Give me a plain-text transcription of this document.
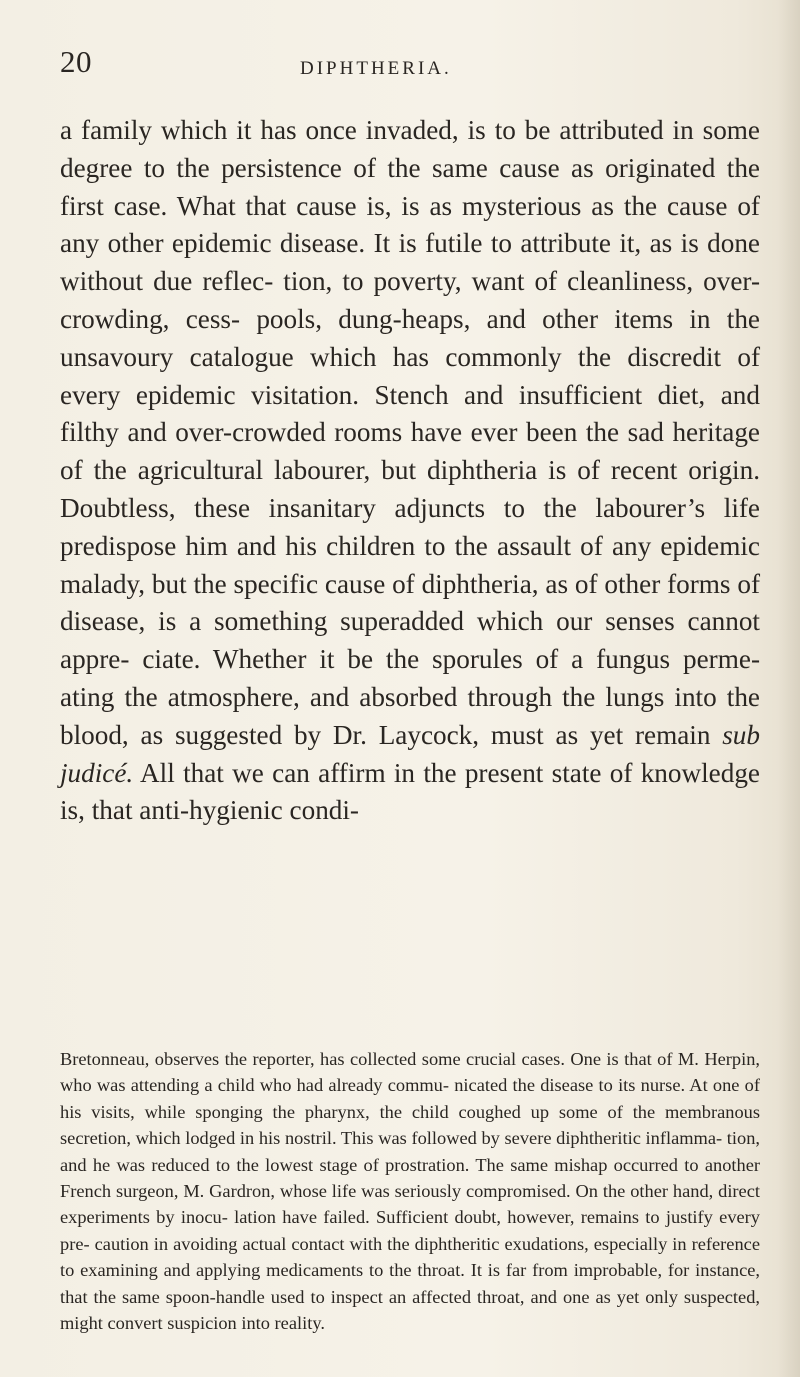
20	DIPHTHERIA.

a family which it has once invaded, is to be attributed in some degree to the persistence of the same cause as originated the first case. What that cause is, is as mysterious as the cause of any other epidemic disease. It is futile to attribute it, as is done without due reflec- tion, to poverty, want of cleanliness, over-crowding, cess- pools, dung-heaps, and other items in the unsavoury catalogue which has commonly the discredit of every epidemic visitation. Stench and insufficient diet, and filthy and over-crowded rooms have ever been the sad heritage of the agricultural labourer, but diphtheria is of recent origin. Doubtless, these insanitary adjuncts to the labourer’s life predispose him and his children to the assault of any epidemic malady, but the specific cause of diphtheria, as of other forms of disease, is a something superadded which our senses cannot appre- ciate. Whether it be the sporules of a fungus perme- ating the atmosphere, and absorbed through the lungs into the blood, as suggested by Dr. Laycock, must as yet remain sub judicé. All that we can affirm in the present state of knowledge is, that anti-hygienic condi-

Bretonneau, observes the reporter, has collected some crucial cases. One is that of M. Herpin, who was attending a child who had already commu- nicated the disease to its nurse. At one of his visits, while sponging the pharynx, the child coughed up some of the membranous secretion, which lodged in his nostril. This was followed by severe diphtheritic inflamma- tion, and he was reduced to the lowest stage of prostration. The same mishap occurred to another French surgeon, M. Gardron, whose life was seriously compromised. On the other hand, direct experiments by inocu- lation have failed. Sufficient doubt, however, remains to justify every pre- caution in avoiding actual contact with the diphtheritic exudations, especially in reference to examining and applying medicaments to the throat. It is far from improbable, for instance, that the same spoon-handle used to inspect an affected throat, and one as yet only suspected, might convert suspicion into reality.
